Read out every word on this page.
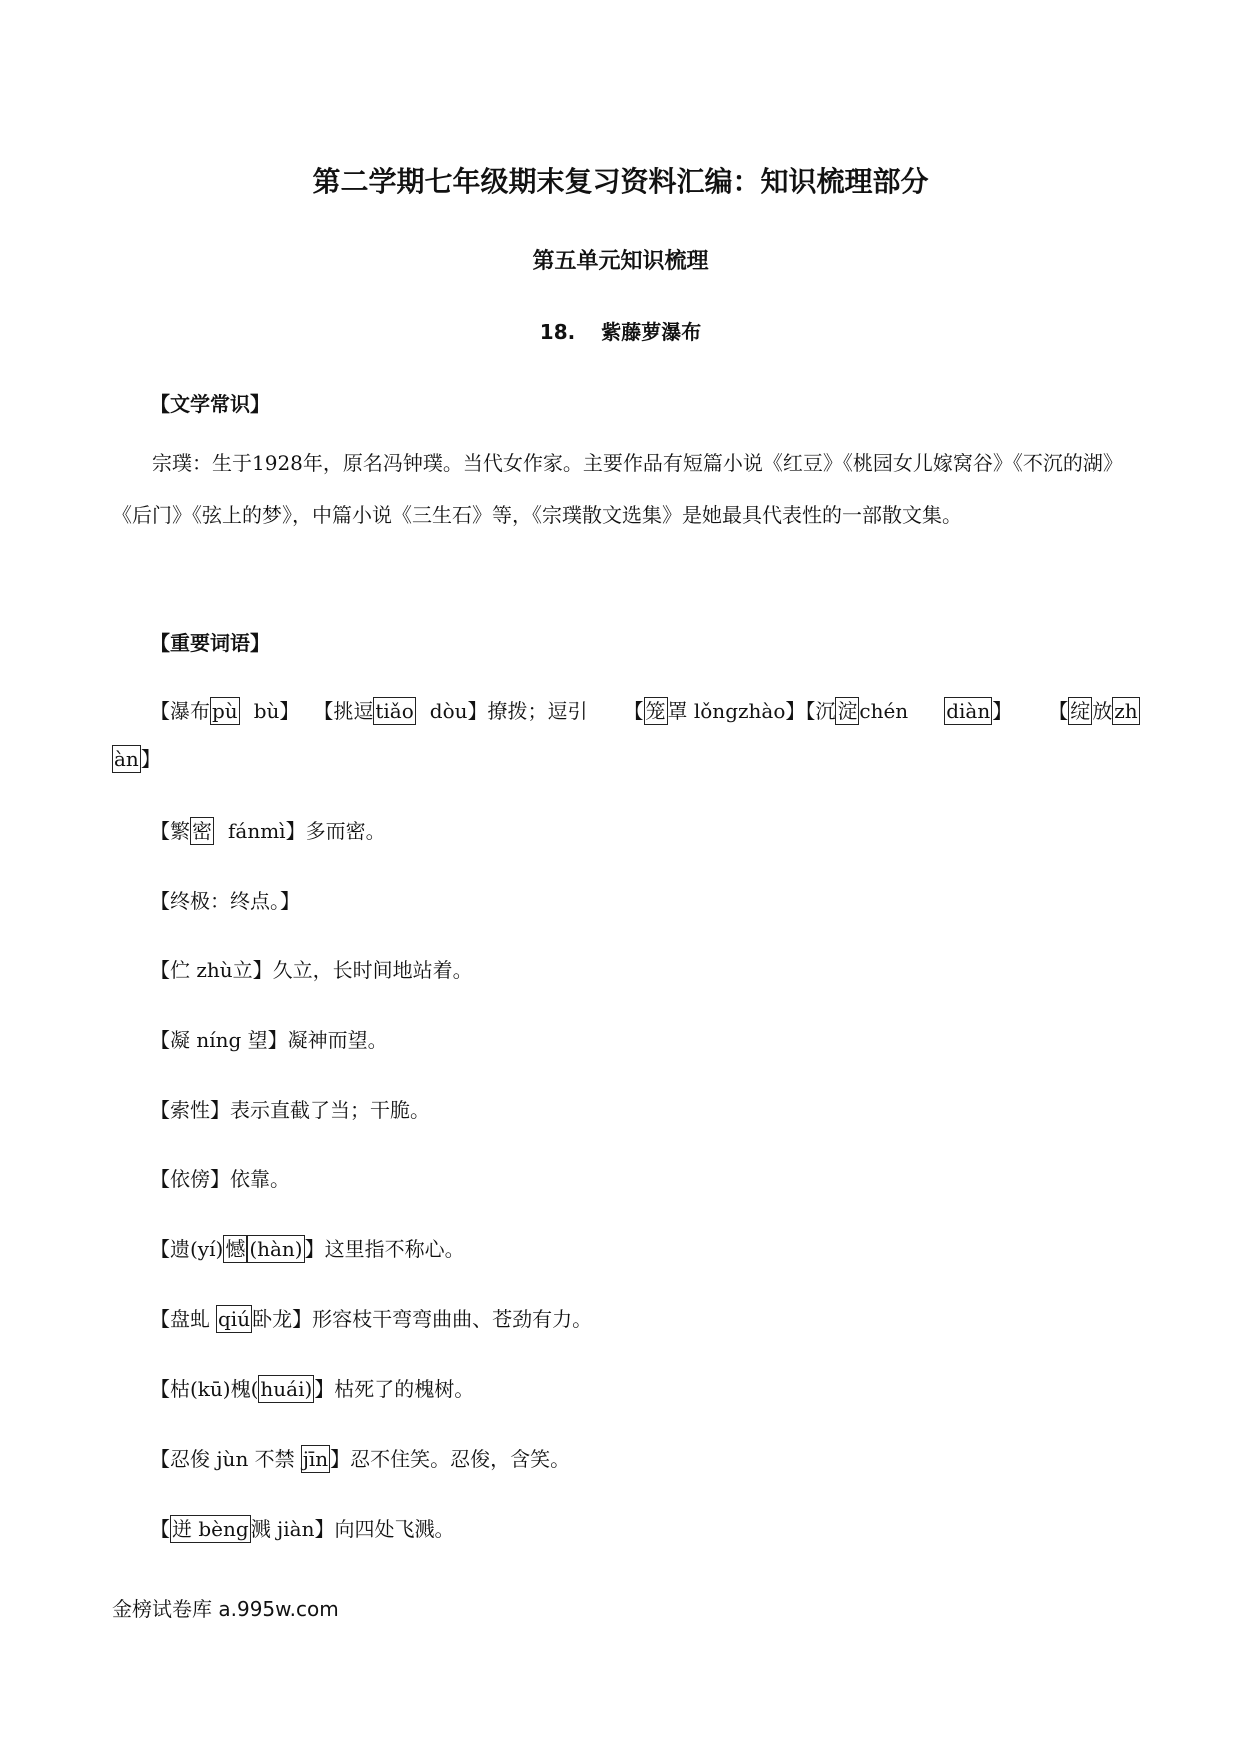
第二学期七年级期末复习资料汇编：知识梳理部分
第五单元知识梳理
18. 紫藤萝瀑布
【文学常识】
宗璞：生于1928年，原名冯钟璞。当代女作家。主要作品有短篇小说《红豆》《桃园女儿嫁窝谷》《不沉的湖》《后门》《弦上的梦》，中篇小说《三生石》等，《宗璞散文选集》是她最具代表性的一部散文集。
【重要词语】
【瀑布 pù bù】 【挑逗 tiǎo dòu】撩拨；逗引 【 笼 罩 lǒngzhào】【沉 淀 chén diàn 】 【 绽 放 zh
àn 】
【繁 密 fánmì】多而密。
【终极：终点。】
【伫 zhù立】久立，长时间地站着。
【凝 níng 望】凝神而望。
【索性】表示直截了当；干脆。
【依傍】依靠。
【遗(yí) 憾 (hàn) 】这里指不称心。
【盘虬 qiú 卧龙】形容枝干弯弯曲曲、苍劲有力。
【枯(kū)槐( huái) 】枯死了的槐树。
【忍俊 jùn 不禁 jīn 】忍不住笑。忍俊，含笑。
【 迸 bèng 溅 jiàn】向四处飞溅。
金榜试卷库 a.995w.com
